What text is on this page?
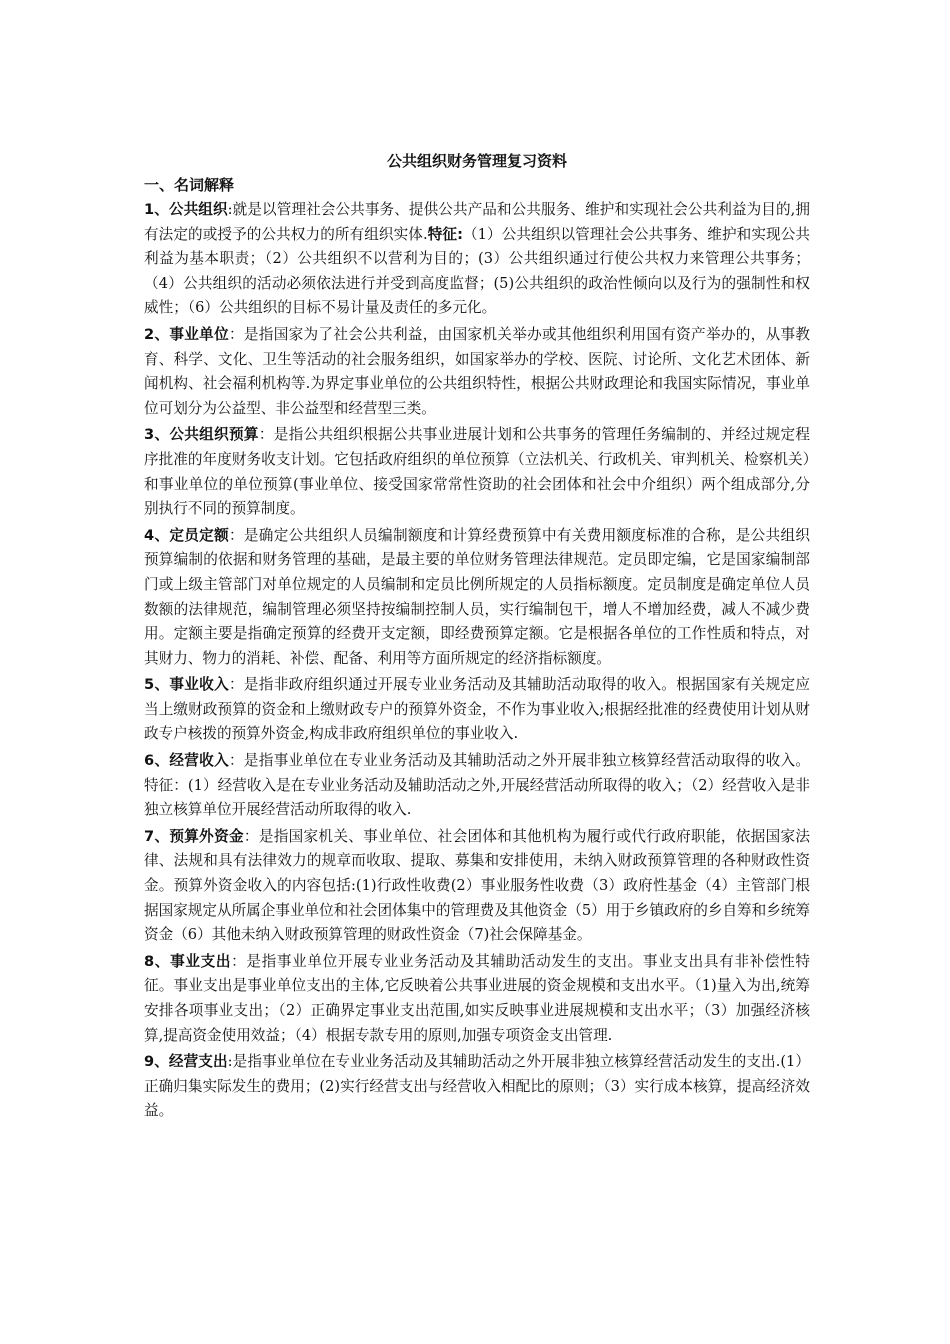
公共组织财务管理复习资料
一、名词解释

1、公共组织:就是以管理社会公共事务、提供公共产品和公共服务、维护和实现社会公共利益为目的,拥有法定的或授予的公共权力的所有组织实体.特征:（1）公共组织以管理社会公共事务、维护和实现公共利益为基本职责；（2）公共组织不以营利为目的；(3）公共组织通过行使公共权力来管理公共事务；（4）公共组织的活动必须依法进行并受到高度监督；(5)公共组织的政治性倾向以及行为的强制性和权威性；（6）公共组织的目标不易计量及责任的多元化。

2、事业单位：是指国家为了社会公共利益，由国家机关举办或其他组织利用国有资产举办的，从事教育、科学、文化、卫生等活动的社会服务组织，如国家举办的学校、医院、讨论所、文化艺术团体、新闻机构、社会福利机构等.为界定事业单位的公共组织特性，根据公共财政理论和我国实际情况，事业单位可划分为公益型、非公益型和经营型三类。

3、公共组织预算：是指公共组织根据公共事业进展计划和公共事务的管理任务编制的、并经过规定程序批准的年度财务收支计划。它包括政府组织的单位预算（立法机关、行政机关、审判机关、检察机关）和事业单位的单位预算(事业单位、接受国家常常性资助的社会团体和社会中介组织）两个组成部分,分别执行不同的预算制度。

4、定员定额：是确定公共组织人员编制额度和计算经费预算中有关费用额度标准的合称，是公共组织预算编制的依据和财务管理的基础，是最主要的单位财务管理法律规范。定员即定编，它是国家编制部门或上级主管部门对单位规定的人员编制和定员比例所规定的人员指标额度。定员制度是确定单位人员数额的法律规范，编制管理必须坚持按编制控制人员，实行编制包干，增人不增加经费，减人不减少费用。定额主要是指确定预算的经费开支定额，即经费预算定额。它是根据各单位的工作性质和特点，对其财力、物力的消耗、补偿、配备、利用等方面所规定的经济指标额度。

5、事业收入：是指非政府组织通过开展专业业务活动及其辅助活动取得的收入。根据国家有关规定应当上缴财政预算的资金和上缴财政专户的预算外资金，不作为事业收入;根据经批准的经费使用计划从财政专户核拨的预算外资金,构成非政府组织单位的事业收入.

6、经营收入：是指事业单位在专业业务活动及其辅助活动之外开展非独立核算经营活动取得的收入。特征：(1）经营收入是在专业业务活动及辅助活动之外,开展经营活动所取得的收入；（2）经营收入是非独立核算单位开展经营活动所取得的收入.

7、预算外资金：是指国家机关、事业单位、社会团体和其他机构为履行或代行政府职能，依据国家法律、法规和具有法律效力的规章而收取、提取、募集和安排使用，未纳入财政预算管理的各种财政性资金。预算外资金收入的内容包括:(1)行政性收费(2）事业服务性收费（3）政府性基金（4）主管部门根据国家规定从所属企事业单位和社会团体集中的管理费及其他资金（5）用于乡镇政府的乡自筹和乡统筹资金（6）其他未纳入财政预算管理的财政性资金（7)社会保障基金。

8、事业支出：是指事业单位开展专业业务活动及其辅助活动发生的支出。事业支出具有非补偿性特征。事业支出是事业单位支出的主体,它反映着公共事业进展的资金规模和支出水平。（1)量入为出,统筹安排各项事业支出；（2）正确界定事业支出范围,如实反映事业进展规模和支出水平；（3）加强经济核算,提高资金使用效益；（4）根据专款专用的原则,加强专项资金支出管理.

9、经营支出:是指事业单位在专业业务活动及其辅助活动之外开展非独立核算经营活动发生的支出.(1）正确归集实际发生的费用；(2)实行经营支出与经营收入相配比的原则；（3）实行成本核算，提高经济效益。
